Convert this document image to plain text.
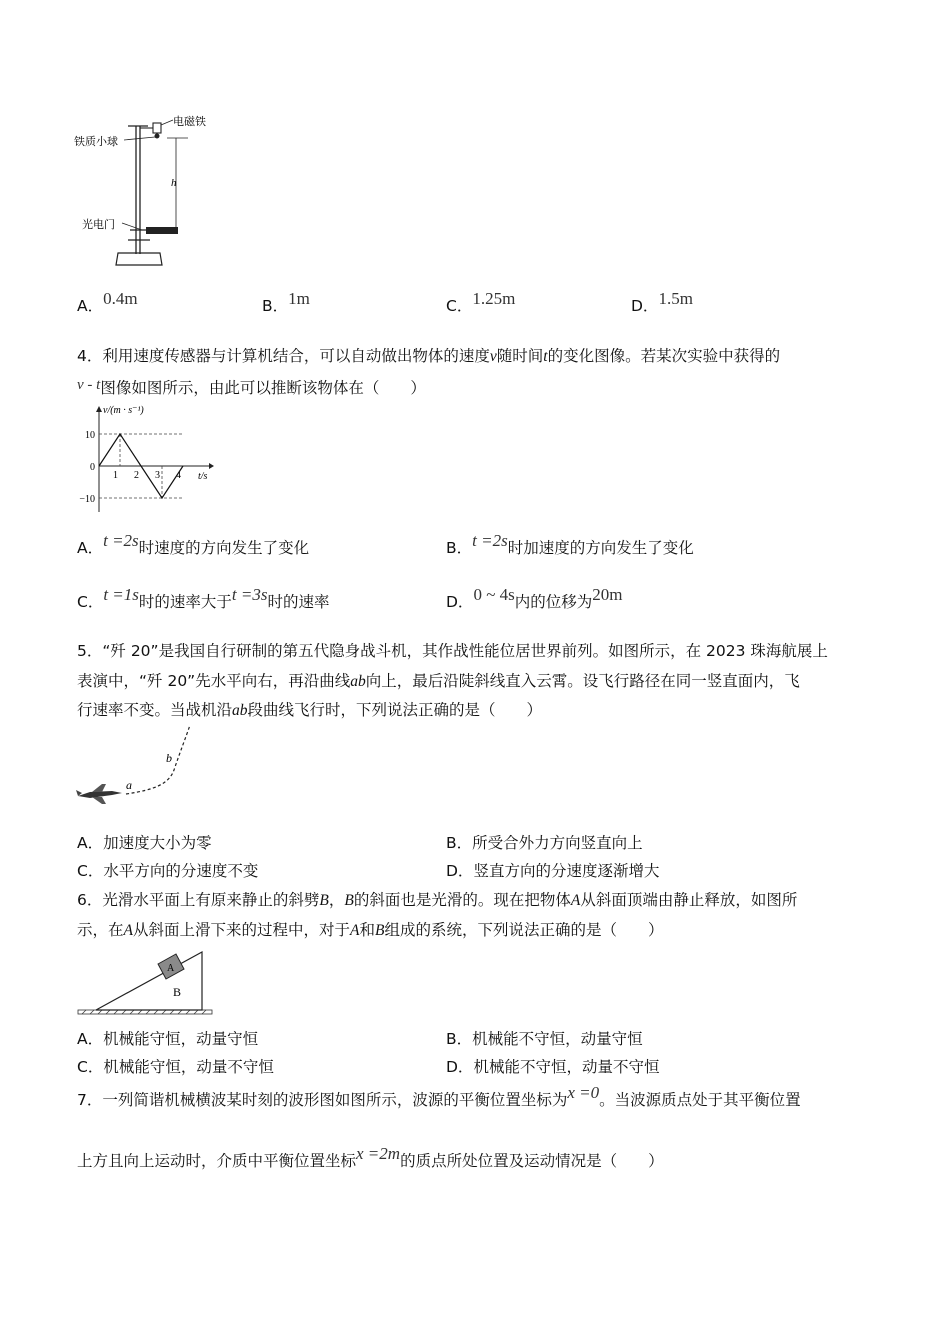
电磁铁
铁质小球
h
光电门
A．0.4m	B．1m	C．1.25m	D．1.5m
4．利用速度传感器与计算机结合，可以自动做出物体的速度v随时间t的变化图像。若某次实验中获得的
v - t图像如图所示，由此可以推断该物体在（　　）
v/(m · s⁻¹)
t/s
10
0
−10
1 2 3 4
A．t =2s时速度的方向发生了变化	B．t =2s时加速度的方向发生了变化
C．t =1s时的速率大于t =3s时的速率	D．0 ~ 4s内的位移为20m
5．“歼 20”是我国自行研制的第五代隐身战斗机，其作战性能位居世界前列。如图所示，在 2023 珠海航展上
表演中，“歼 20”先水平向右，再沿曲线ab向上，最后沿陡斜线直入云霄。设飞行路径在同一竖直面内，飞
行速率不变。当战机沿ab段曲线飞行时，下列说法正确的是（　　）
a
b
A．加速度大小为零	B．所受合外力方向竖直向上
C．水平方向的分速度不变	D．竖直方向的分速度逐渐增大
6．光滑水平面上有原来静止的斜劈B，B的斜面也是光滑的。现在把物体A从斜面顶端由静止释放，如图所
示，在A从斜面上滑下来的过程中，对于A和B组成的系统，下列说法正确的是（　　）
B
A
A．机械能守恒，动量守恒	B．机械能不守恒，动量守恒
C．机械能守恒，动量不守恒	D．机械能不守恒，动量不守恒
7．一列简谐机械横波某时刻的波形图如图所示，波源的平衡位置坐标为x =0。当波源质点处于其平衡位置
上方且向上运动时，介质中平衡位置坐标x =2m的质点所处位置及运动情况是（　　）
